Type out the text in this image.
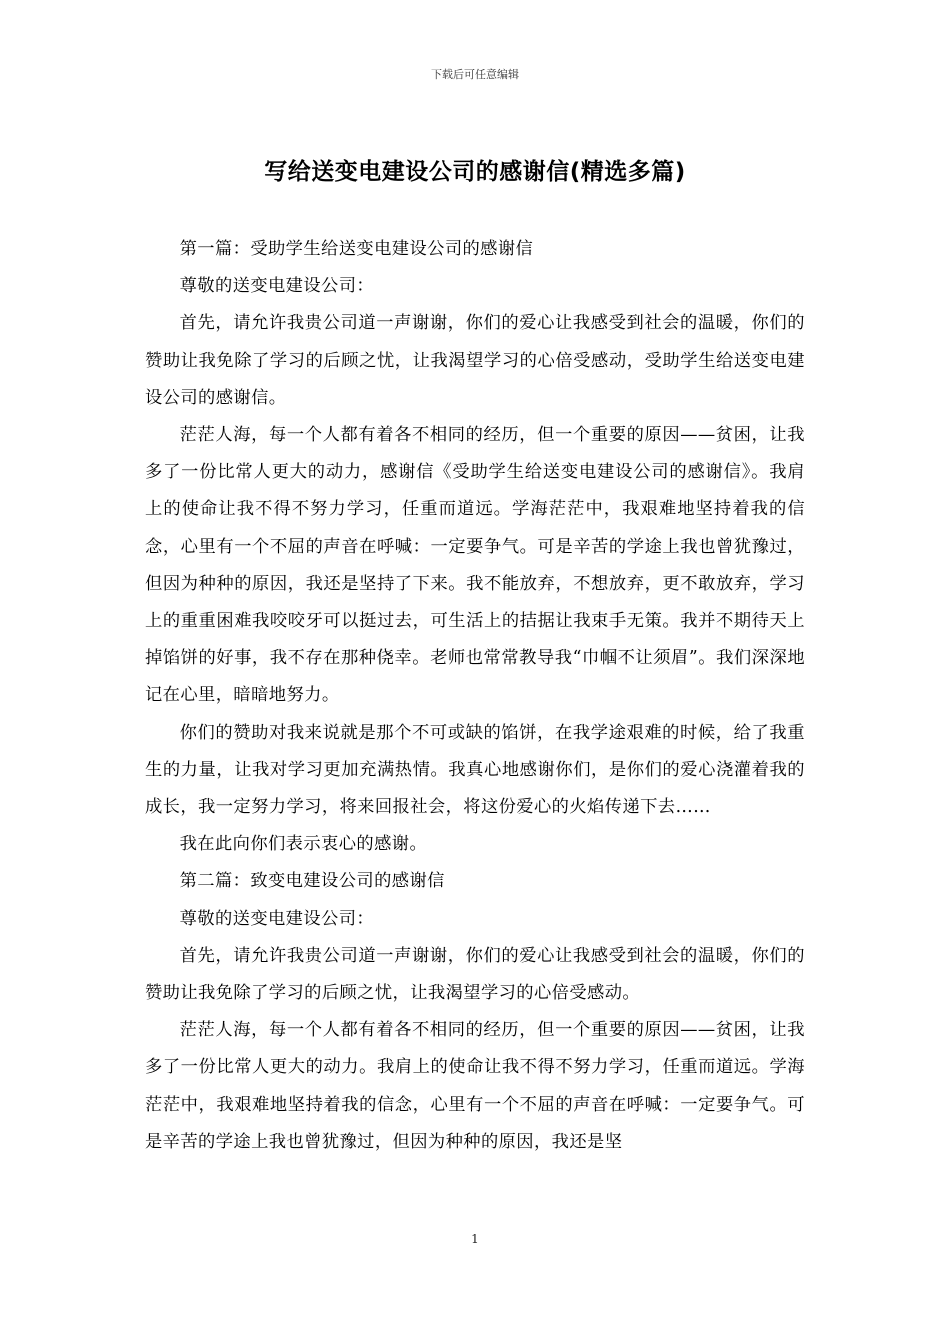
下载后可任意编辑
写给送变电建设公司的感谢信(精选多篇)

第一篇：受助学生给送变电建设公司的感谢信

尊敬的送变电建设公司：

首先，请允许我贵公司道一声谢谢，你们的爱心让我感受到社会的温暖，你们的赞助让我免除了学习的后顾之忧，让我渴望学习的心倍受感动，受助学生给送变电建设公司的感谢信。

茫茫人海，每一个人都有着各不相同的经历，但一个重要的原因——贫困，让我多了一份比常人更大的动力，感谢信《受助学生给送变电建设公司的感谢信》。我肩上的使命让我不得不努力学习，任重而道远。学海茫茫中，我艰难地坚持着我的信念，心里有一个不屈的声音在呼喊：一定要争气。可是辛苦的学途上我也曾犹豫过，但因为种种的原因，我还是坚持了下来。我不能放弃，不想放弃，更不敢放弃，学习上的重重困难我咬咬牙可以挺过去，可生活上的拮据让我束手无策。我并不期待天上掉馅饼的好事，我不存在那种侥幸。老师也常常教导我“巾帼不让须眉”。我们深深地记在心里，暗暗地努力。

你们的赞助对我来说就是那个不可或缺的馅饼，在我学途艰难的时候，给了我重生的力量，让我对学习更加充满热情。我真心地感谢你们，是你们的爱心浇灌着我的成长，我一定努力学习，将来回报社会，将这份爱心的火焰传递下去……

我在此向你们表示衷心的感谢。

第二篇：致变电建设公司的感谢信

尊敬的送变电建设公司：

首先，请允许我贵公司道一声谢谢，你们的爱心让我感受到社会的温暖，你们的赞助让我免除了学习的后顾之忧，让我渴望学习的心倍受感动。

茫茫人海，每一个人都有着各不相同的经历，但一个重要的原因——贫困，让我多了一份比常人更大的动力。我肩上的使命让我不得不努力学习，任重而道远。学海茫茫中，我艰难地坚持着我的信念，心里有一个不屈的声音在呼喊：一定要争气。可是辛苦的学途上我也曾犹豫过，但因为种种的原因，我还是坚

1
